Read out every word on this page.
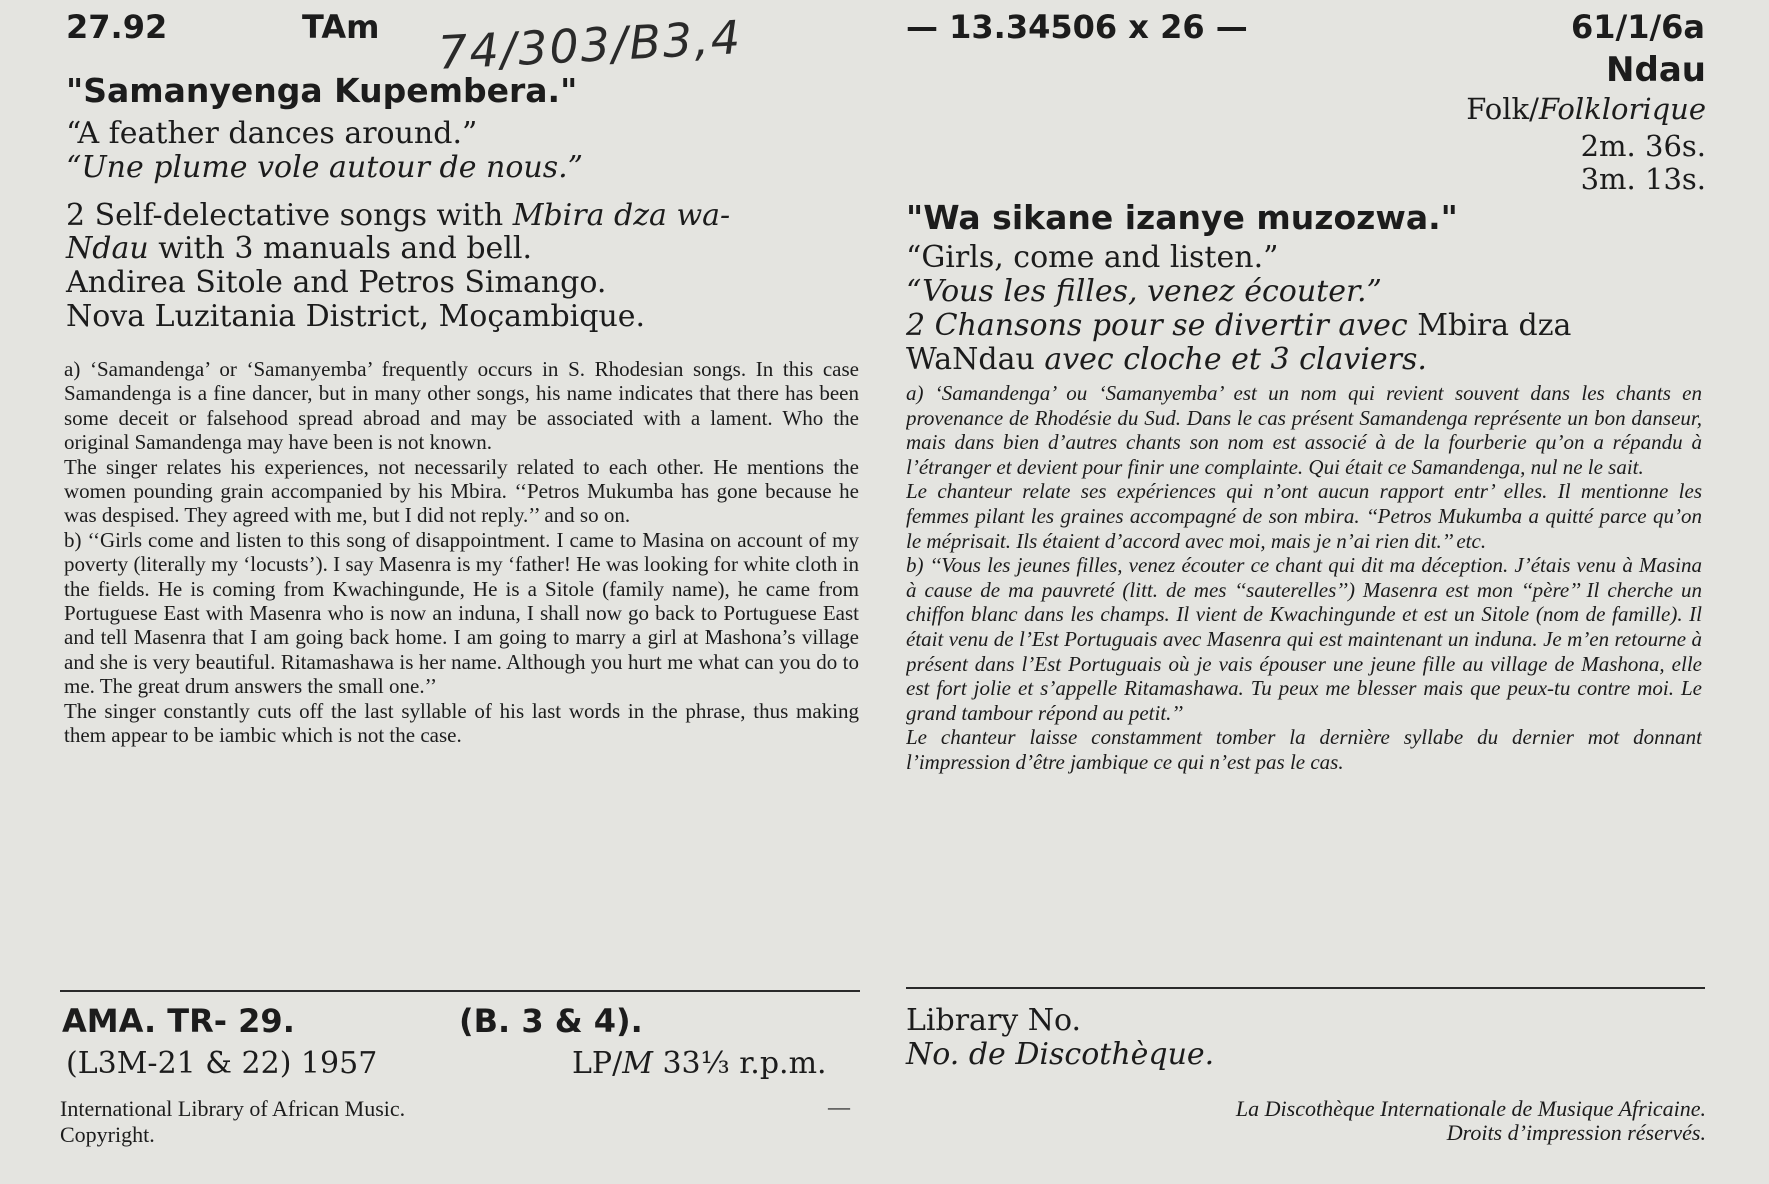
27.92	TAm 74/303/B3,4	— 13.34506 x 26 —	61/1/6a
Ndau
Folk/Folklorique
2m. 36s.
3m. 13s.
"Samanyenga Kupembera."
“A feather dances around.”
“Une plume vole autour de nous.”
2 Self-delectative songs with Mbira dza wa-
Ndau with 3 manuals and bell.
Andirea Sitole and Petros Simango.
Nova Luzitania District, Moçambique.
"Wa sikane izanye muzozwa."
“Girls, come and listen.”
“Vous les filles, venez écouter.”
2 Chansons pour se divertir avec Mbira dza
WaNdau avec cloche et 3 claviers.

a) ‘Samandenga’ or ‘Samanyemba’ frequently occurs in S. Rhodesian songs. In this case Samandenga is a fine dancer, but in many other songs, his name indicates that there has been some deceit or falsehood spread abroad and may be associated with a lament. Who the original Samandenga may have been is not known.

The singer relates his experiences, not necessarily related to each other. He mentions the women pounding grain accompanied by his Mbira. ‘‘Petros Mukumba has gone because he was despised. They agreed with me, but I did not reply.’’ and so on.

b) ‘‘Girls come and listen to this song of disappointment. I came to Masina on account of my poverty (literally my ‘locusts’). I say Masenra is my ‘father! He was looking for white cloth in the fields. He is coming from Kwachingunde, He is a Sitole (family name), he came from Portuguese East with Masenra who is now an induna, I shall now go back to Portuguese East and tell Masenra that I am going back home. I am going to marry a girl at Mashona’s village and she is very beautiful. Ritamashawa is her name. Although you hurt me what can you do to me. The great drum answers the small one.’’

The singer constantly cuts off the last syllable of his last words in the phrase, thus making them appear to be iambic which is not the case.

a) ‘Samandenga’ ou ‘Samanyemba’ est un nom qui revient souvent dans les chants en provenance de Rhodésie du Sud. Dans le cas présent Samandenga représente un bon danseur, mais dans bien d’autres chants son nom est associé à de la fourberie qu’on a répandu à l’étranger et devient pour finir une complainte. Qui était ce Samandenga, nul ne le sait.

Le chanteur relate ses expériences qui n’ont aucun rapport entr’ elles. Il mentionne les femmes pilant les graines accompagné de son mbira. ‘‘Petros Mukumba a quitté parce qu’on le méprisait. Ils étaient d’accord avec moi, mais je n’ai rien dit.’’ etc.

b) ‘‘Vous les jeunes filles, venez écouter ce chant qui dit ma déception. J’étais venu à Masina à cause de ma pauvreté (litt. de mes ‘‘sauterelles’’) Masenra est mon ‘‘père’’ Il cherche un chiffon blanc dans les champs. Il vient de Kwachingunde et est un Sitole (nom de famille). Il était venu de l’Est Portuguais avec Masenra qui est maintenant un induna. Je m’en retourne à présent dans l’Est Portuguais où je vais épouser une jeune fille au village de Mashona, elle est fort jolie et s’appelle Ritamashawa. Tu peux me blesser mais que peux-tu contre moi. Le grand tambour répond au petit.’’

Le chanteur laisse constamment tomber la dernière syllabe du dernier mot donnant l’impression d’être jambique ce qui n’est pas le cas.

AMA. TR- 29.	(B. 3 & 4).
(L3M-21 & 22) 1957	LP/M 33⅓ r.p.m.
Library No.
No. de Discothèque.
International Library of African Music.
Copyright.
—	La Discothèque Internationale de Musique Africaine.
Droits d’impression réservés.
